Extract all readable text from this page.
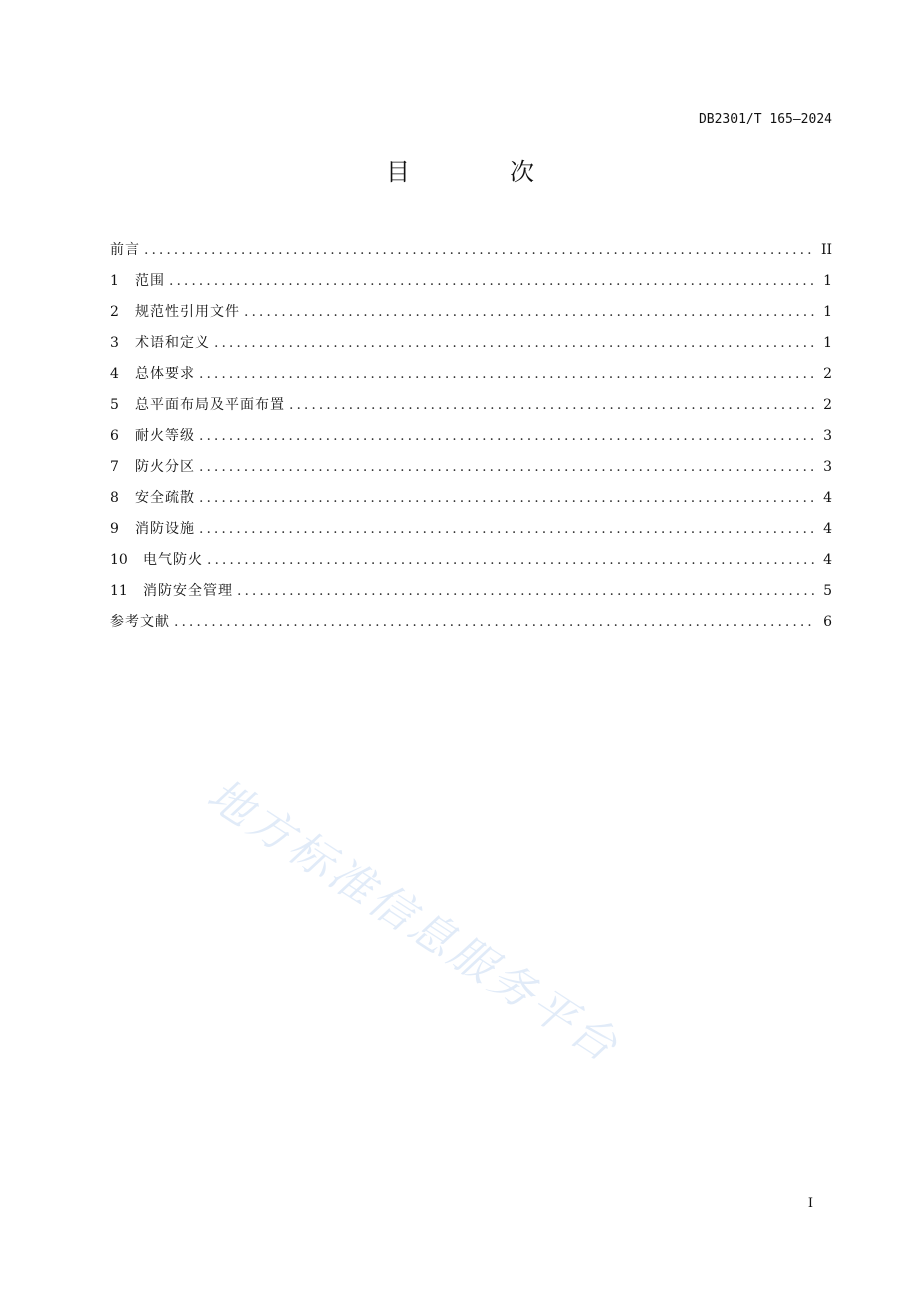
DB2301/T 165—2024
目　次
前言 .....	II
1	范围 .....	1
2	规范性引用文件 .....	1
3	术语和定义 .....	1
4	总体要求 .....	2
5	总平面布局及平面布置 .....	2
6	耐火等级 .....	3
7	防火分区 .....	3
8	安全疏散 .....	4
9	消防设施 .....	4
10	电气防火 .....	4
11	消防安全管理 .....	5
参考文献 .....	6
地方标准信息服务平台
I
